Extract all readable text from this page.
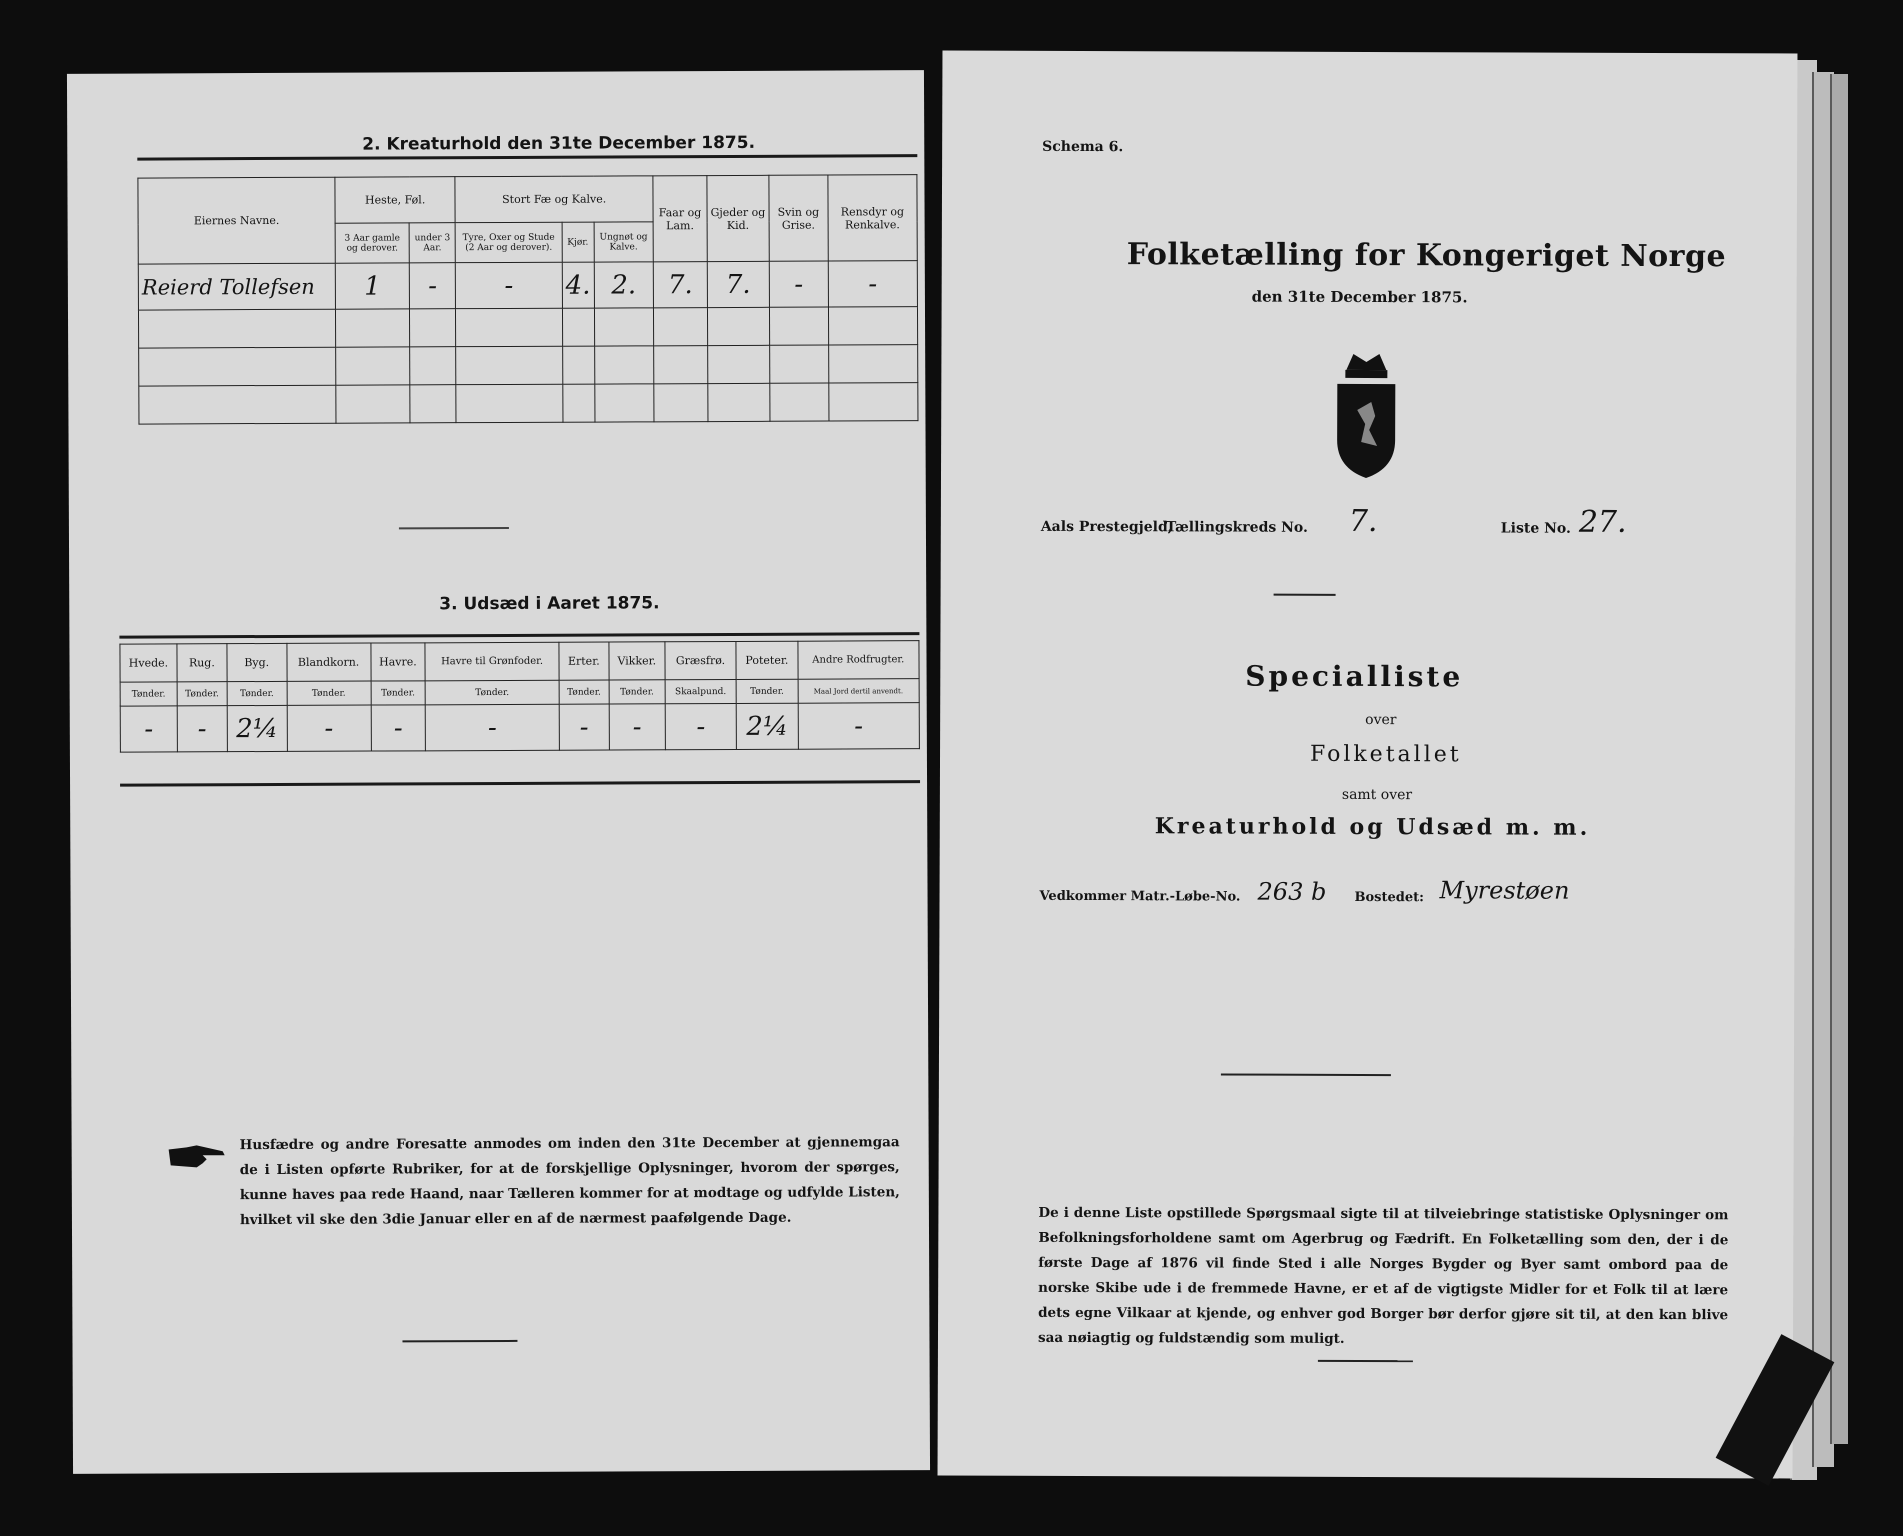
2. Kreaturhold den 31te December 1875.
Eiernes Navne.	Heste, Føl.		Stort Fæ og Kalve.			Faar og Lam.	Gjeder og Kid.	Svin og Grise.	Rensdyr og Renkalve.
	3 Aar gamle og derover.	under 3 Aar.	Tyre, Oxer og Stude (2 Aar og derover).	Kjør.	Ungnøt og Kalve.				
Reierd Tollefsen	1	-	-	4.	2.	7.	7.	-	-

3. Udsæd i Aaret 1875.
Hvede.	Rug.	Byg.	Blandkorn.	Havre.	Havre til Grønfoder.	Erter.	Vikker.	Græsfrø.	Poteter.	Andre Rodfrugter.
Tønder.	Tønder.	Tønder.	Tønder.	Tønder.	Tønder.	Tønder.	Tønder.	Skaalpund.	Tønder.	Maal Jord dertil anvendt.
-	-	2¼	-	-	-	-	-	-	2¼	-
Husfædre og andre Foresatte anmodes om inden den 31te December at gjennemgaa de i Listen opførte Rubriker, for at de forskjellige Oplysninger, hvorom der spørges, kunne haves paa rede Haand, naar Tælleren kommer for at modtage og udfylde Listen, hvilket vil ske den 3die Januar eller en af de nærmest paafølgende Dage.
Schema 6.
Folketælling for Kongeriget Norge
den 31te December 1875.
Aals Prestegjeld,
Tællingskreds No. 7.	Liste No. 27.
Specialliste
over
Folketallet
samt over
Kreaturhold og Udsæd m. m.
Vedkommer Matr.-Løbe-No. 263 b Bostedet: Myrestøen
De i denne Liste opstillede Spørgsmaal sigte til at tilveiebringe statistiske Oplysninger om Befolkningsforholdene samt om Agerbrug og Fædrift. En Folketælling som den, der i de første Dage af 1876 vil finde Sted i alle Norges Bygder og Byer samt ombord paa de norske Skibe ude i de fremmede Havne, er et af de vigtigste Midler for et Folk til at lære dets egne Vilkaar at kjende, og enhver god Borger bør derfor gjøre sit til, at den kan blive saa nøiagtig og fuldstændig som muligt.
